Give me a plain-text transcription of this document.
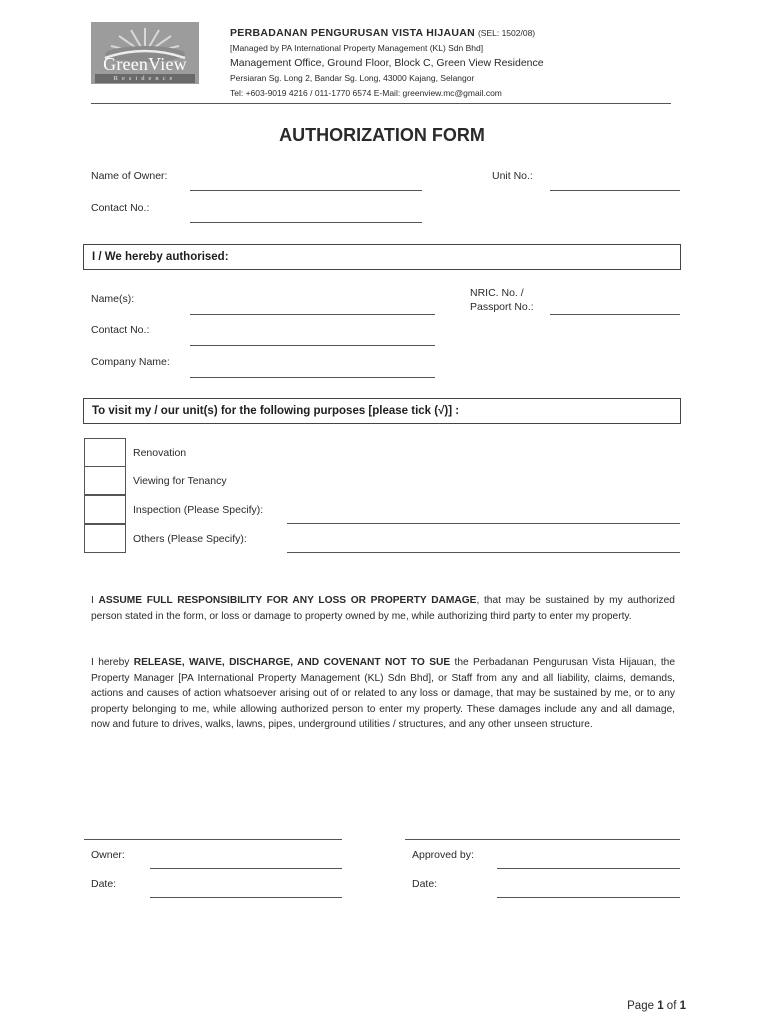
GreenView
Residence
PERBADANAN PENGURUSAN VISTA HIJAUAN (SEL: 1502/08)
[Managed by PA International Property Management (KL) Sdn Bhd]
Management Office, Ground Floor, Block C, Green View Residence
Persiaran Sg. Long 2, Bandar Sg. Long, 43000 Kajang, Selangor
Tel: +603-9019 4216 / 011-1770 6574 E-Mail: greenview.mc@gmail.com
AUTHORIZATION FORM
Name of Owner:	Unit No.:
Contact No.:
I / We hereby authorised:
Name(s):	NRIC. No. /
Passport No.:
Contact No.:
Company Name:
To visit my / our unit(s) for the following purposes [please tick (√)] :
Renovation
Viewing for Tenancy
Inspection (Please Specify):
Others (Please Specify):
I ASSUME FULL RESPONSIBILITY FOR ANY LOSS OR PROPERTY DAMAGE, that may be sustained by my authorized person stated in the form, or loss or damage to property owned by me, while authorizing third party to enter my property.
I hereby RELEASE, WAIVE, DISCHARGE, AND COVENANT NOT TO SUE the Perbadanan Pengurusan Vista Hijauan, the Property Manager [PA International Property Management (KL) Sdn Bhd], or Staff from any and all liability, claims, demands, actions and causes of action whatsoever arising out of or related to any loss or damage, that may be sustained by me, or to any property belonging to me, while allowing authorized person to enter my property. These damages include any and all damage, now and future to drives, walks, lawns, pipes, underground utilities / structures, and any other unseen structure.
Owner:	Approved by:
Date:	Date:
Page 1 of 1
